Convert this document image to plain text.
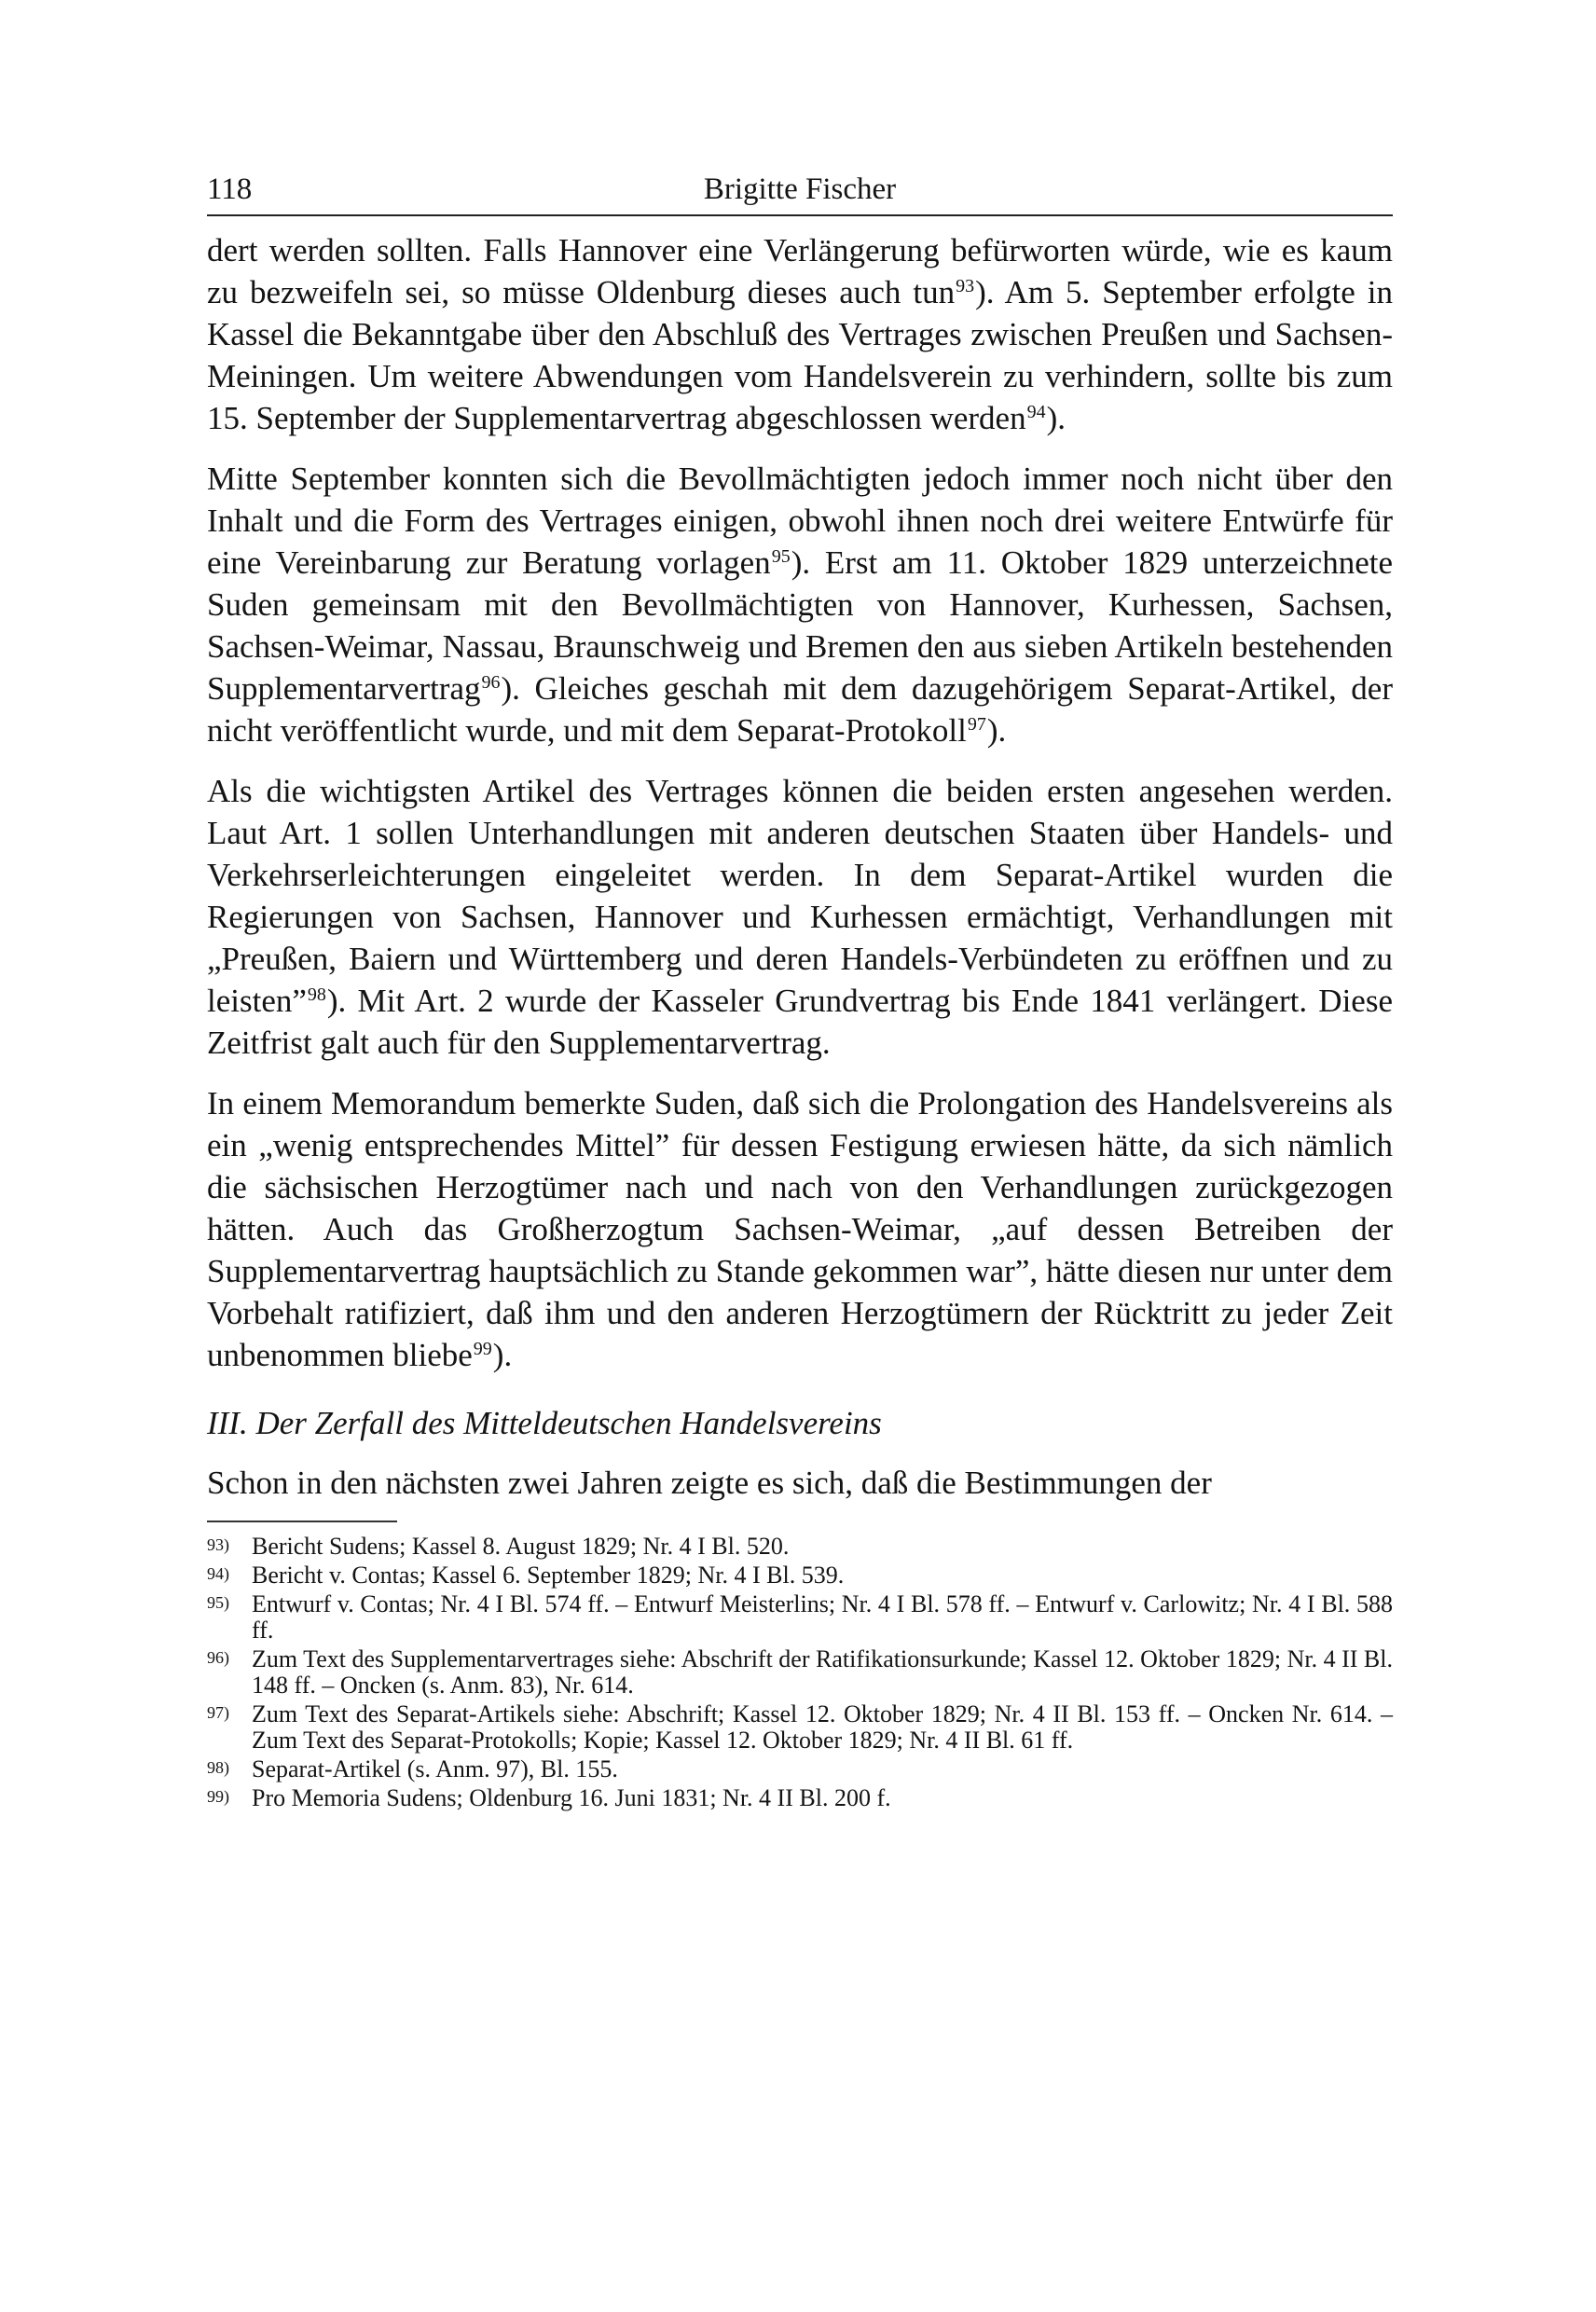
118	Brigitte Fischer

dert werden sollten. Falls Hannover eine Verlängerung befürworten würde, wie es kaum zu bezweifeln sei, so müsse Oldenburg dieses auch tun$^{93}$). Am 5. September erfolgte in Kassel die Bekanntgabe über den Abschluß des Vertrages zwischen Preußen und Sachsen-Meiningen. Um weitere Abwendungen vom Handelsverein zu verhindern, sollte bis zum 15. September der Supplementarvertrag abgeschlossen werden$^{94}$).

Mitte September konnten sich die Bevollmächtigten jedoch immer noch nicht über den Inhalt und die Form des Vertrages einigen, obwohl ihnen noch drei weitere Entwürfe für eine Vereinbarung zur Beratung vorlagen$^{95}$). Erst am 11. Oktober 1829 unterzeichnete Suden gemeinsam mit den Bevollmächtigten von Hannover, Kurhessen, Sachsen, Sachsen-Weimar, Nassau, Braunschweig und Bremen den aus sieben Artikeln bestehenden Supplementarvertrag$^{96}$). Gleiches geschah mit dem dazugehörigem Separat-Artikel, der nicht veröffentlicht wurde, und mit dem Separat-Protokoll$^{97}$).

Als die wichtigsten Artikel des Vertrages können die beiden ersten angesehen werden. Laut Art. 1 sollen Unterhandlungen mit anderen deutschen Staaten über Handels- und Verkehrserleichterungen eingeleitet werden. In dem Separat-Artikel wurden die Regierungen von Sachsen, Hannover und Kurhessen ermächtigt, Verhandlungen mit „Preußen, Baiern und Württemberg und deren Handels-Verbündeten zu eröffnen und zu leisten”$^{98}$). Mit Art. 2 wurde der Kasseler Grundvertrag bis Ende 1841 verlängert. Diese Zeitfrist galt auch für den Supplementarvertrag.

In einem Memorandum bemerkte Suden, daß sich die Prolongation des Handelsvereins als ein „wenig entsprechendes Mittel” für dessen Festigung erwiesen hätte, da sich nämlich die sächsischen Herzogtümer nach und nach von den Verhandlungen zurückgezogen hätten. Auch das Großherzogtum Sachsen-Weimar, „auf dessen Betreiben der Supplementarvertrag hauptsächlich zu Stande gekommen war”, hätte diesen nur unter dem Vorbehalt ratifiziert, daß ihm und den anderen Herzogtümern der Rücktritt zu jeder Zeit unbenommen bliebe$^{99}$).

III. Der Zerfall des Mitteldeutschen Handelsvereins

Schon in den nächsten zwei Jahren zeigte es sich, daß die Bestimmungen der

93) Bericht Sudens; Kassel 8. August 1829; Nr. 4 I Bl. 520.
94) Bericht v. Contas; Kassel 6. September 1829; Nr. 4 I Bl. 539.
95) Entwurf v. Contas; Nr. 4 I Bl. 574 ff. – Entwurf Meisterlins; Nr. 4 I Bl. 578 ff. – Entwurf v. Carlowitz; Nr. 4 I Bl. 588 ff.
96) Zum Text des Supplementarvertrages siehe: Abschrift der Ratifikationsurkunde; Kassel 12. Oktober 1829; Nr. 4 II Bl. 148 ff. – Oncken (s. Anm. 83), Nr. 614.
97) Zum Text des Separat-Artikels siehe: Abschrift; Kassel 12. Oktober 1829; Nr. 4 II Bl. 153 ff. – Oncken Nr. 614. – Zum Text des Separat-Protokolls; Kopie; Kassel 12. Oktober 1829; Nr. 4 II Bl. 61 ff.
98) Separat-Artikel (s. Anm. 97), Bl. 155.
99) Pro Memoria Sudens; Oldenburg 16. Juni 1831; Nr. 4 II Bl. 200 f.
